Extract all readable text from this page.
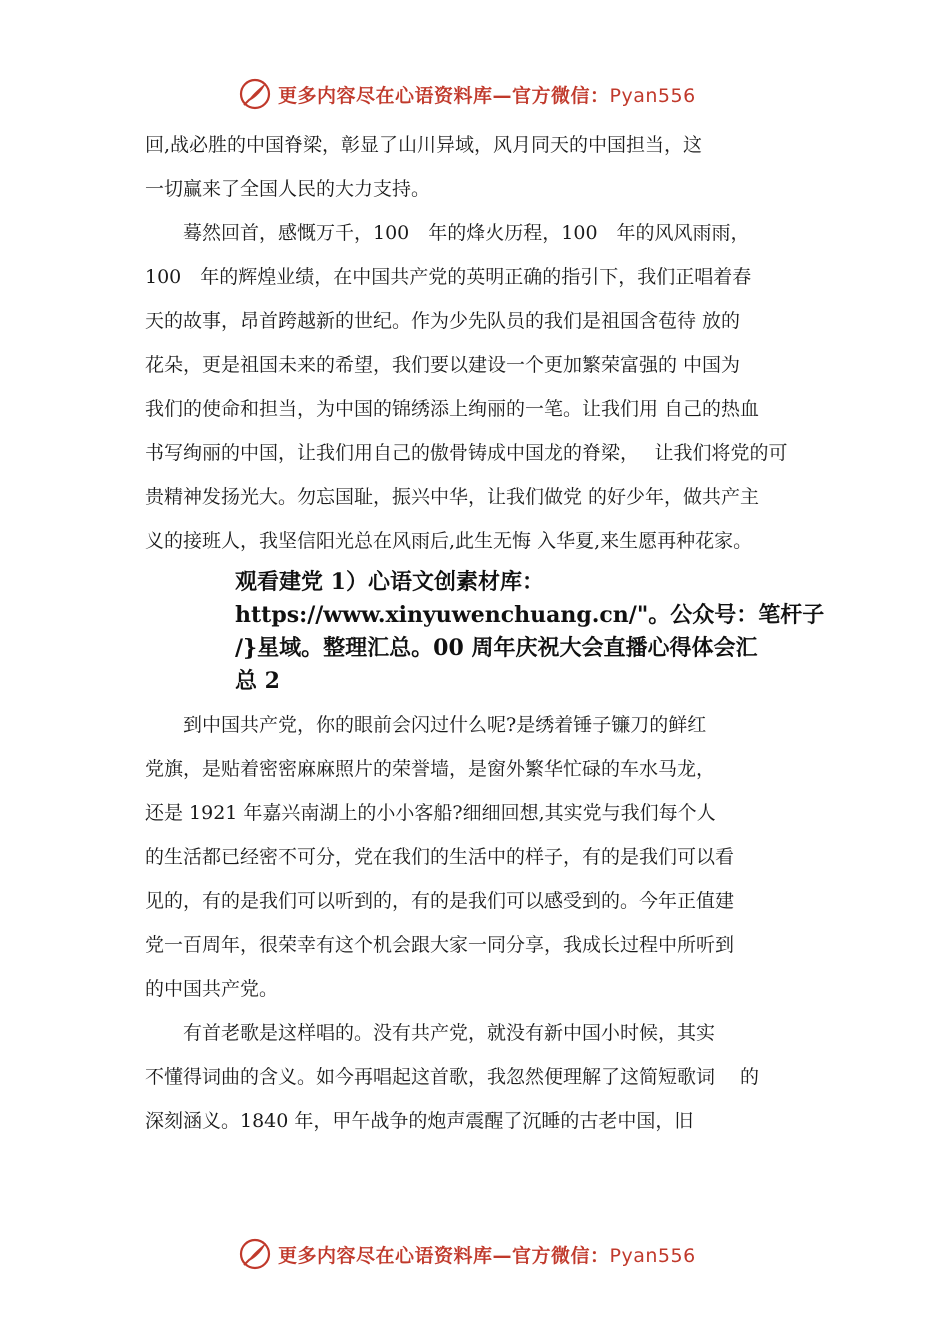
更多内容尽在心语资料库—官方微信：Pyan556
回,战必胜的中国脊梁，彰显了山川异域，风月同天的中国担当，这
一切赢来了全国人民的大力支持。
　　蓦然回首，感慨万千，100　年的烽火历程，100　年的风风雨雨，
100　年的辉煌业绩，在中国共产党的英明正确的指引下，我们正唱着春
天的故事，昂首跨越新的世纪。作为少先队员的我们是祖国含苞待 放的
花朵，更是祖国未来的希望，我们要以建设一个更加繁荣富强的 中国为
我们的使命和担当，为中国的锦绣添上绚丽的一笔。让我们用 自己的热血
书写绚丽的中国，让我们用自己的傲骨铸成中国龙的脊梁，　 让我们将党的可
贵精神发扬光大。勿忘国耻，振兴中华，让我们做党 的好少年，做共产主
义的接班人，我坚信阳光总在风雨后,此生无悔 入华夏,来生愿再种花家。
观看建党 1）心语文创素材库：
https://www.xinyuwenchuang.cn/"。公众号：笔杆子
/}星域。整理汇总。00 周年庆祝大会直播心得体会汇
总 2
　　到中国共产党，你的眼前会闪过什么呢?是绣着锤子镰刀的鲜红
党旗，是贴着密密麻麻照片的荣誉墙，是窗外繁华忙碌的车水马龙，
还是 1921 年嘉兴南湖上的小小客船?细细回想,其实党与我们每个人
的生活都已经密不可分，党在我们的生活中的样子，有的是我们可以看
见的，有的是我们可以听到的，有的是我们可以感受到的。今年正值建
党一百周年，很荣幸有这个机会跟大家一同分享，我成长过程中所听到
的中国共产党。
　　有首老歌是这样唱的。没有共产党，就没有新中国小时候，其实
不懂得词曲的含义。如今再唱起这首歌，我忽然便理解了这简短歌词　 的
深刻涵义。1840 年，甲午战争的炮声震醒了沉睡的古老中国，旧
更多内容尽在心语资料库—官方微信：Pyan556
